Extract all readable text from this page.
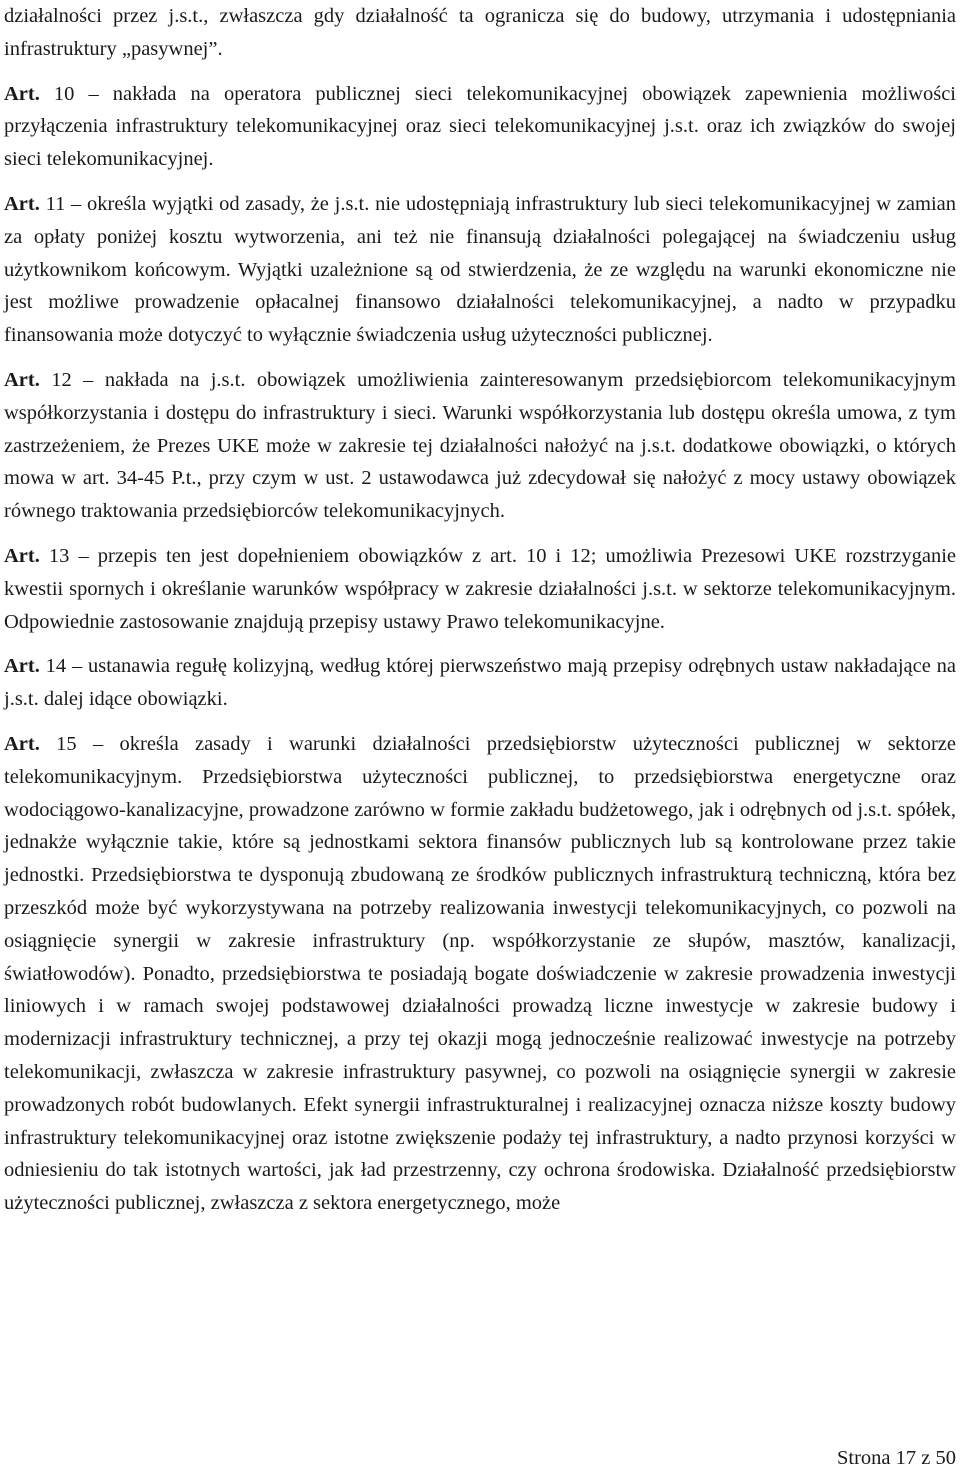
działalności przez j.s.t., zwłaszcza gdy działalność ta ogranicza się do budowy, utrzymania i udostępniania infrastruktury „pasywnej”.

Art. 10 – nakłada na operatora publicznej sieci telekomunikacyjnej obowiązek zapewnienia możliwości przyłączenia infrastruktury telekomunikacyjnej oraz sieci telekomunikacyjnej j.s.t. oraz ich związków do swojej sieci telekomunikacyjnej.

Art. 11 – określa wyjątki od zasady, że j.s.t. nie udostępniają infrastruktury lub sieci telekomunikacyjnej w zamian za opłaty poniżej kosztu wytworzenia, ani też nie finansują działalności polegającej na świadczeniu usług użytkownikom końcowym. Wyjątki uzależnione są od stwierdzenia, że ze względu na warunki ekonomiczne nie jest możliwe prowadzenie opłacalnej finansowo działalności telekomunikacyjnej, a nadto w przypadku finansowania może dotyczyć to wyłącznie świadczenia usług użyteczności publicznej.

Art. 12 – nakłada na j.s.t. obowiązek umożliwienia zainteresowanym przedsiębiorcom telekomunikacyjnym współkorzystania i dostępu do infrastruktury i sieci. Warunki współkorzystania lub dostępu określa umowa, z tym zastrzeżeniem, że Prezes UKE może w zakresie tej działalności nałożyć na j.s.t. dodatkowe obowiązki, o których mowa w art. 34-45 P.t., przy czym w ust. 2 ustawodawca już zdecydował się nałożyć z mocy ustawy obowiązek równego traktowania przedsiębiorców telekomunikacyjnych.

Art. 13 – przepis ten jest dopełnieniem obowiązków z art. 10 i 12; umożliwia Prezesowi UKE rozstrzyganie kwestii spornych i określanie warunków współpracy w zakresie działalności j.s.t. w sektorze telekomunikacyjnym. Odpowiednie zastosowanie znajdują przepisy ustawy Prawo telekomunikacyjne.

Art. 14 – ustanawia regułę kolizyjną, według której pierwszeństwo mają przepisy odrębnych ustaw nakładające na j.s.t. dalej idące obowiązki.

Art. 15 – określa zasady i warunki działalności przedsiębiorstw użyteczności publicznej w sektorze telekomunikacyjnym. Przedsiębiorstwa użyteczności publicznej, to przedsiębiorstwa energetyczne oraz wodociągowo-kanalizacyjne, prowadzone zarówno w formie zakładu budżetowego, jak i odrębnych od j.s.t. spółek, jednakże wyłącznie takie, które są jednostkami sektora finansów publicznych lub są kontrolowane przez takie jednostki. Przedsiębiorstwa te dysponują zbudowaną ze środków publicznych infrastrukturą techniczną, która bez przeszkód może być wykorzystywana na potrzeby realizowania inwestycji telekomunikacyjnych, co pozwoli na osiągnięcie synergii w zakresie infrastruktury (np. współkorzystanie ze słupów, masztów, kanalizacji, światłowodów). Ponadto, przedsiębiorstwa te posiadają bogate doświadczenie w zakresie prowadzenia inwestycji liniowych i w ramach swojej podstawowej działalności prowadzą liczne inwestycje w zakresie budowy i modernizacji infrastruktury technicznej, a przy tej okazji mogą jednocześnie realizować inwestycje na potrzeby telekomunikacji, zwłaszcza w zakresie infrastruktury pasywnej, co pozwoli na osiągnięcie synergii w zakresie prowadzonych robót budowlanych. Efekt synergii infrastrukturalnej i realizacyjnej oznacza niższe koszty budowy infrastruktury telekomunikacyjnej oraz istotne zwiększenie podaży tej infrastruktury, a nadto przynosi korzyści w odniesieniu do tak istotnych wartości, jak ład przestrzenny, czy ochrona środowiska. Działalność przedsiębiorstw użyteczności publicznej, zwłaszcza z sektora energetycznego, może

Strona 17 z 50
